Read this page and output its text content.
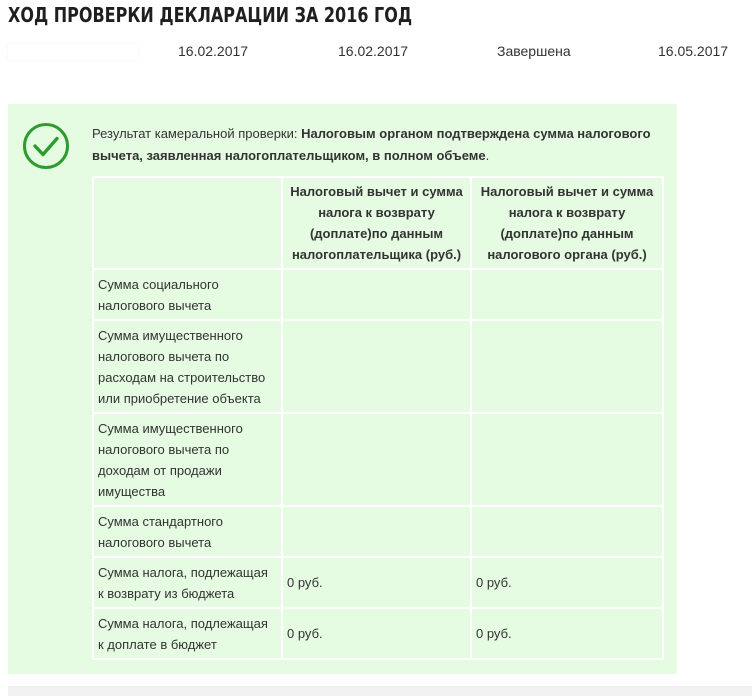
ХОД ПРОВЕРКИ ДЕКЛАРАЦИИ ЗА 2016 ГОД
16.02.2017	16.02.2017	Завершена	16.05.2017
Результат камеральной проверки: Налоговым органом подтверждена сумма налогового вычета, заявленная налогоплательщиком, в полном объеме.
	Налоговый вычет и сумма налога к возврату (доплате)по данным налогоплательщика (руб.)	Налоговый вычет и сумма налога к возврату (доплате)по данным налогового органа (руб.)
Сумма социального налогового вычета		
Сумма имущественного налогового вычета по расходам на строительство или приобретение объекта		
Сумма имущественного налогового вычета по доходам от продажи имущества		
Сумма стандартного налогового вычета		
Сумма налога, подлежащая к возврату из бюджета	0 руб.	0 руб.
Сумма налога, подлежащая к доплате в бюджет	0 руб.	0 руб.
